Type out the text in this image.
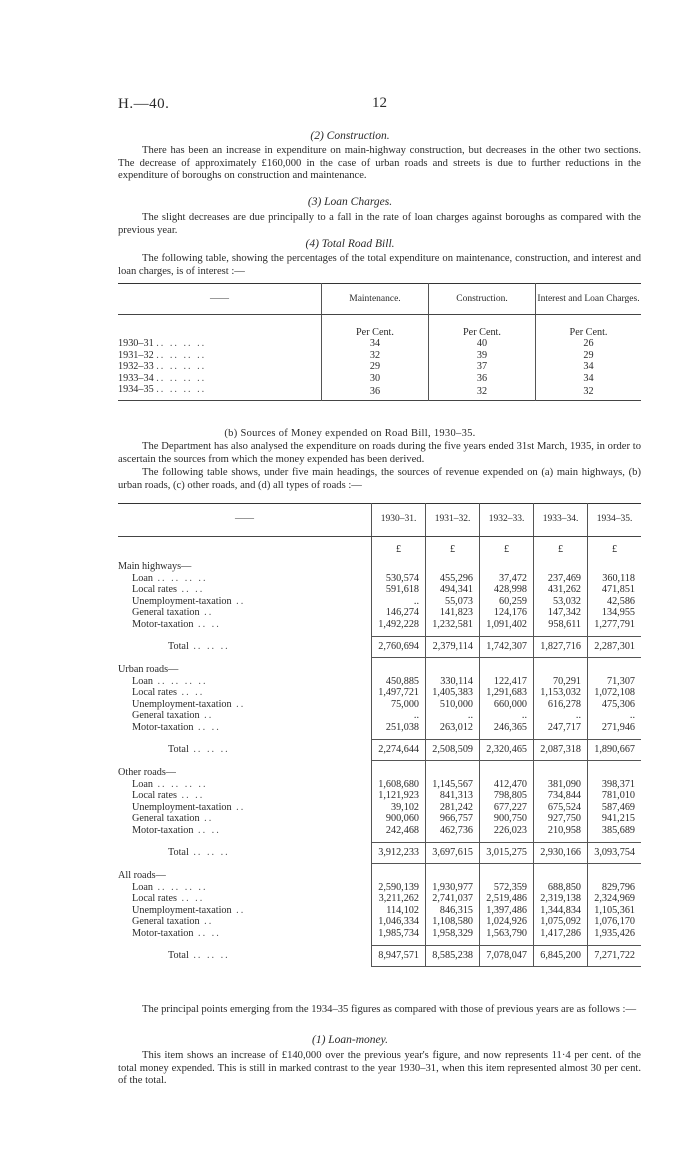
H.—40.	12
(2) Construction.
There has been an increase in expenditure on main-highway construction, but decreases in the other two sections. The decrease of approximately £160,000 in the case of urban roads and streets is due to further reductions in the expenditure of boroughs on construction and maintenance.
(3) Loan Charges.
The slight decreases are due principally to a fall in the rate of loan charges against boroughs as compared with the previous year.
(4) Total Road Bill.
The following table, showing the percentages of the total expenditure on maintenance, construction, and interest and loan charges, is of interest :—
——	Maintenance.	Construction.	Interest and Loan Charges.

	Per Cent.	Per Cent.	Per Cent.
1930–31 .. .. .. ..	34	40	26
1931–32 .. .. .. ..	32	39	29
1932–33 .. .. .. ..	29	37	34
1933–34 .. .. .. ..	30	36	34
1934–35 .. .. .. ..	36	32	32
(b) Sources of Money expended on Road Bill, 1930–35.
The Department has also analysed the expenditure on roads during the five years ended 31st March, 1935, in order to ascertain the sources from which the money expended has been derived.
The following table shows, under five main headings, the sources of revenue expended on (a) main highways, (b) urban roads, (c) other roads, and (d) all types of roads :—
——	1930–31.	1931–32.	1932–33.	1933–34.	1934–35.
	£	£	£	£	£
Main highways—					
Loan .. .. .. ..	530,574	455,296	37,472	237,469	360,118
Local rates .. ..	591,618	494,341	428,998	431,262	471,851
Unemployment-taxation ..	..	55,073	60,259	53,032	42,586
General taxation ..	146,274	141,823	124,176	147,342	134,955
Motor-taxation .. ..	1,492,228	1,232,581	1,091,402	958,611	1,277,791

Total .. .. ..	2,760,694	2,379,114	1,742,307	1,827,716	2,287,301
Urban roads—					
Loan .. .. .. ..	450,885	330,114	122,417	70,291	71,307
Local rates .. ..	1,497,721	1,405,383	1,291,683	1,153,032	1,072,108
Unemployment-taxation ..	75,000	510,000	660,000	616,278	475,306
General taxation ..	..	..	..	..	..
Motor-taxation .. ..	251,038	263,012	246,365	247,717	271,946

Total .. .. ..	2,274,644	2,508,509	2,320,465	2,087,318	1,890,667
Other roads—					
Loan .. .. .. ..	1,608,680	1,145,567	412,470	381,090	398,371
Local rates .. ..	1,121,923	841,313	798,805	734,844	781,010
Unemployment-taxation ..	39,102	281,242	677,227	675,524	587,469
General taxation ..	900,060	966,757	900,750	927,750	941,215
Motor-taxation .. ..	242,468	462,736	226,023	210,958	385,689

Total .. .. ..	3,912,233	3,697,615	3,015,275	2,930,166	3,093,754
All roads—					
Loan .. .. .. ..	2,590,139	1,930,977	572,359	688,850	829,796
Local rates .. ..	3,211,262	2,741,037	2,519,486	2,319,138	2,324,969
Unemployment-taxation ..	114,102	846,315	1,397,486	1,344,834	1,105,361
General taxation ..	1,046,334	1,108,580	1,024,926	1,075,092	1,076,170
Motor-taxation .. ..	1,985,734	1,958,329	1,563,790	1,417,286	1,935,426

Total .. .. ..	8,947,571	8,585,238	7,078,047	6,845,200	7,271,722
The principal points emerging from the 1934–35 figures as compared with those of previous years are as follows :—
(1) Loan-money.
This item shows an increase of £140,000 over the previous year's figure, and now represents 11·4 per cent. of the total money expended. This is still in marked contrast to the year 1930–31, when this item represented almost 30 per cent. of the total.
